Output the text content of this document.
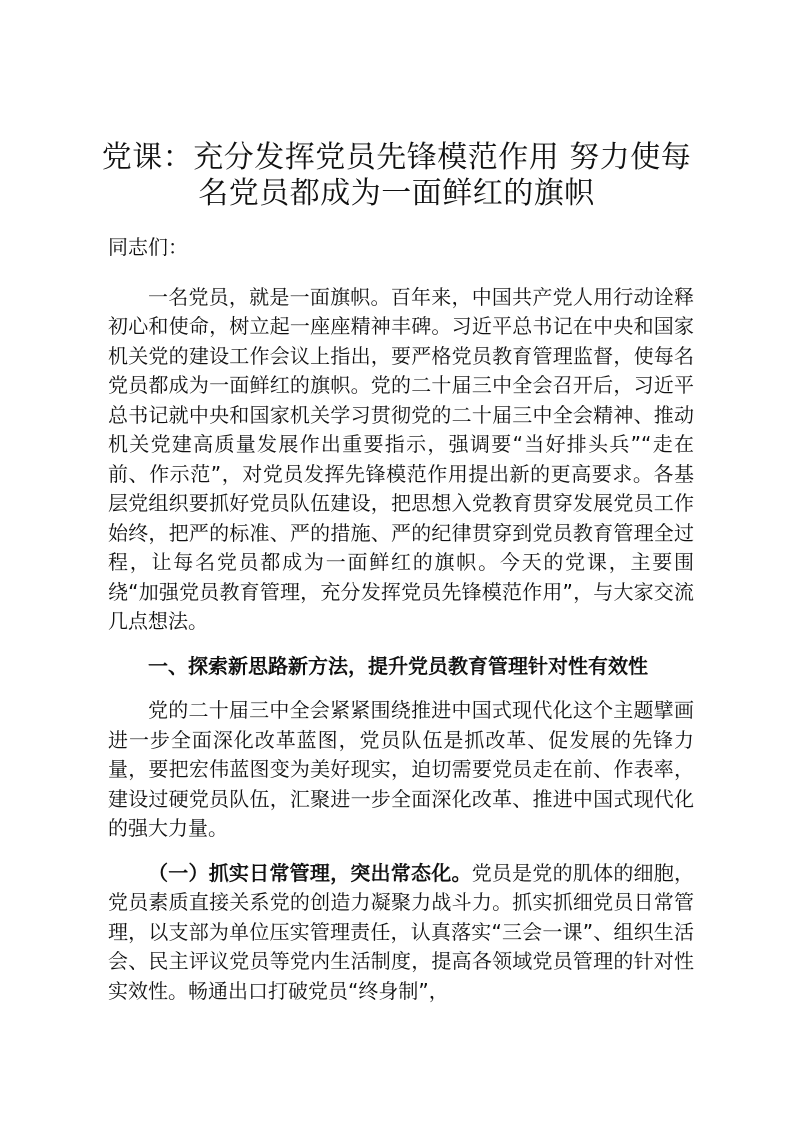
党课：充分发挥党员先锋模范作用 努力使每
名党员都成为一面鲜红的旗帜

同志们：

一名党员，就是一面旗帜。百年来，中国共产党人用行动诠释初心和使命，树立起一座座精神丰碑。习近平总书记在中央和国家机关党的建设工作会议上指出，要严格党员教育管理监督，使每名党员都成为一面鲜红的旗帜。党的二十届三中全会召开后，习近平总书记就中央和国家机关学习贯彻党的二十届三中全会精神、推动机关党建高质量发展作出重要指示，强调要“当好排头兵”“走在前、作示范”，对党员发挥先锋模范作用提出新的更高要求。各基层党组织要抓好党员队伍建设，把思想入党教育贯穿发展党员工作始终，把严的标准、严的措施、严的纪律贯穿到党员教育管理全过程，让每名党员都成为一面鲜红的旗帜。今天的党课，主要围绕“加强党员教育管理，充分发挥党员先锋模范作用”，与大家交流几点想法。

一、探索新思路新方法，提升党员教育管理针对性有效性

党的二十届三中全会紧紧围绕推进中国式现代化这个主题擘画进一步全面深化改革蓝图，党员队伍是抓改革、促发展的先锋力量，要把宏伟蓝图变为美好现实，迫切需要党员走在前、作表率，建设过硬党员队伍，汇聚进一步全面深化改革、推进中国式现代化的强大力量。

（一）抓实日常管理，突出常态化。党员是党的肌体的细胞，党员素质直接关系党的创造力凝聚力战斗力。抓实抓细党员日常管理，以支部为单位压实管理责任，认真落实“三会一课”、组织生活会、民主评议党员等党内生活制度，提高各领域党员管理的针对性实效性。畅通出口打破党员“终身制”，
